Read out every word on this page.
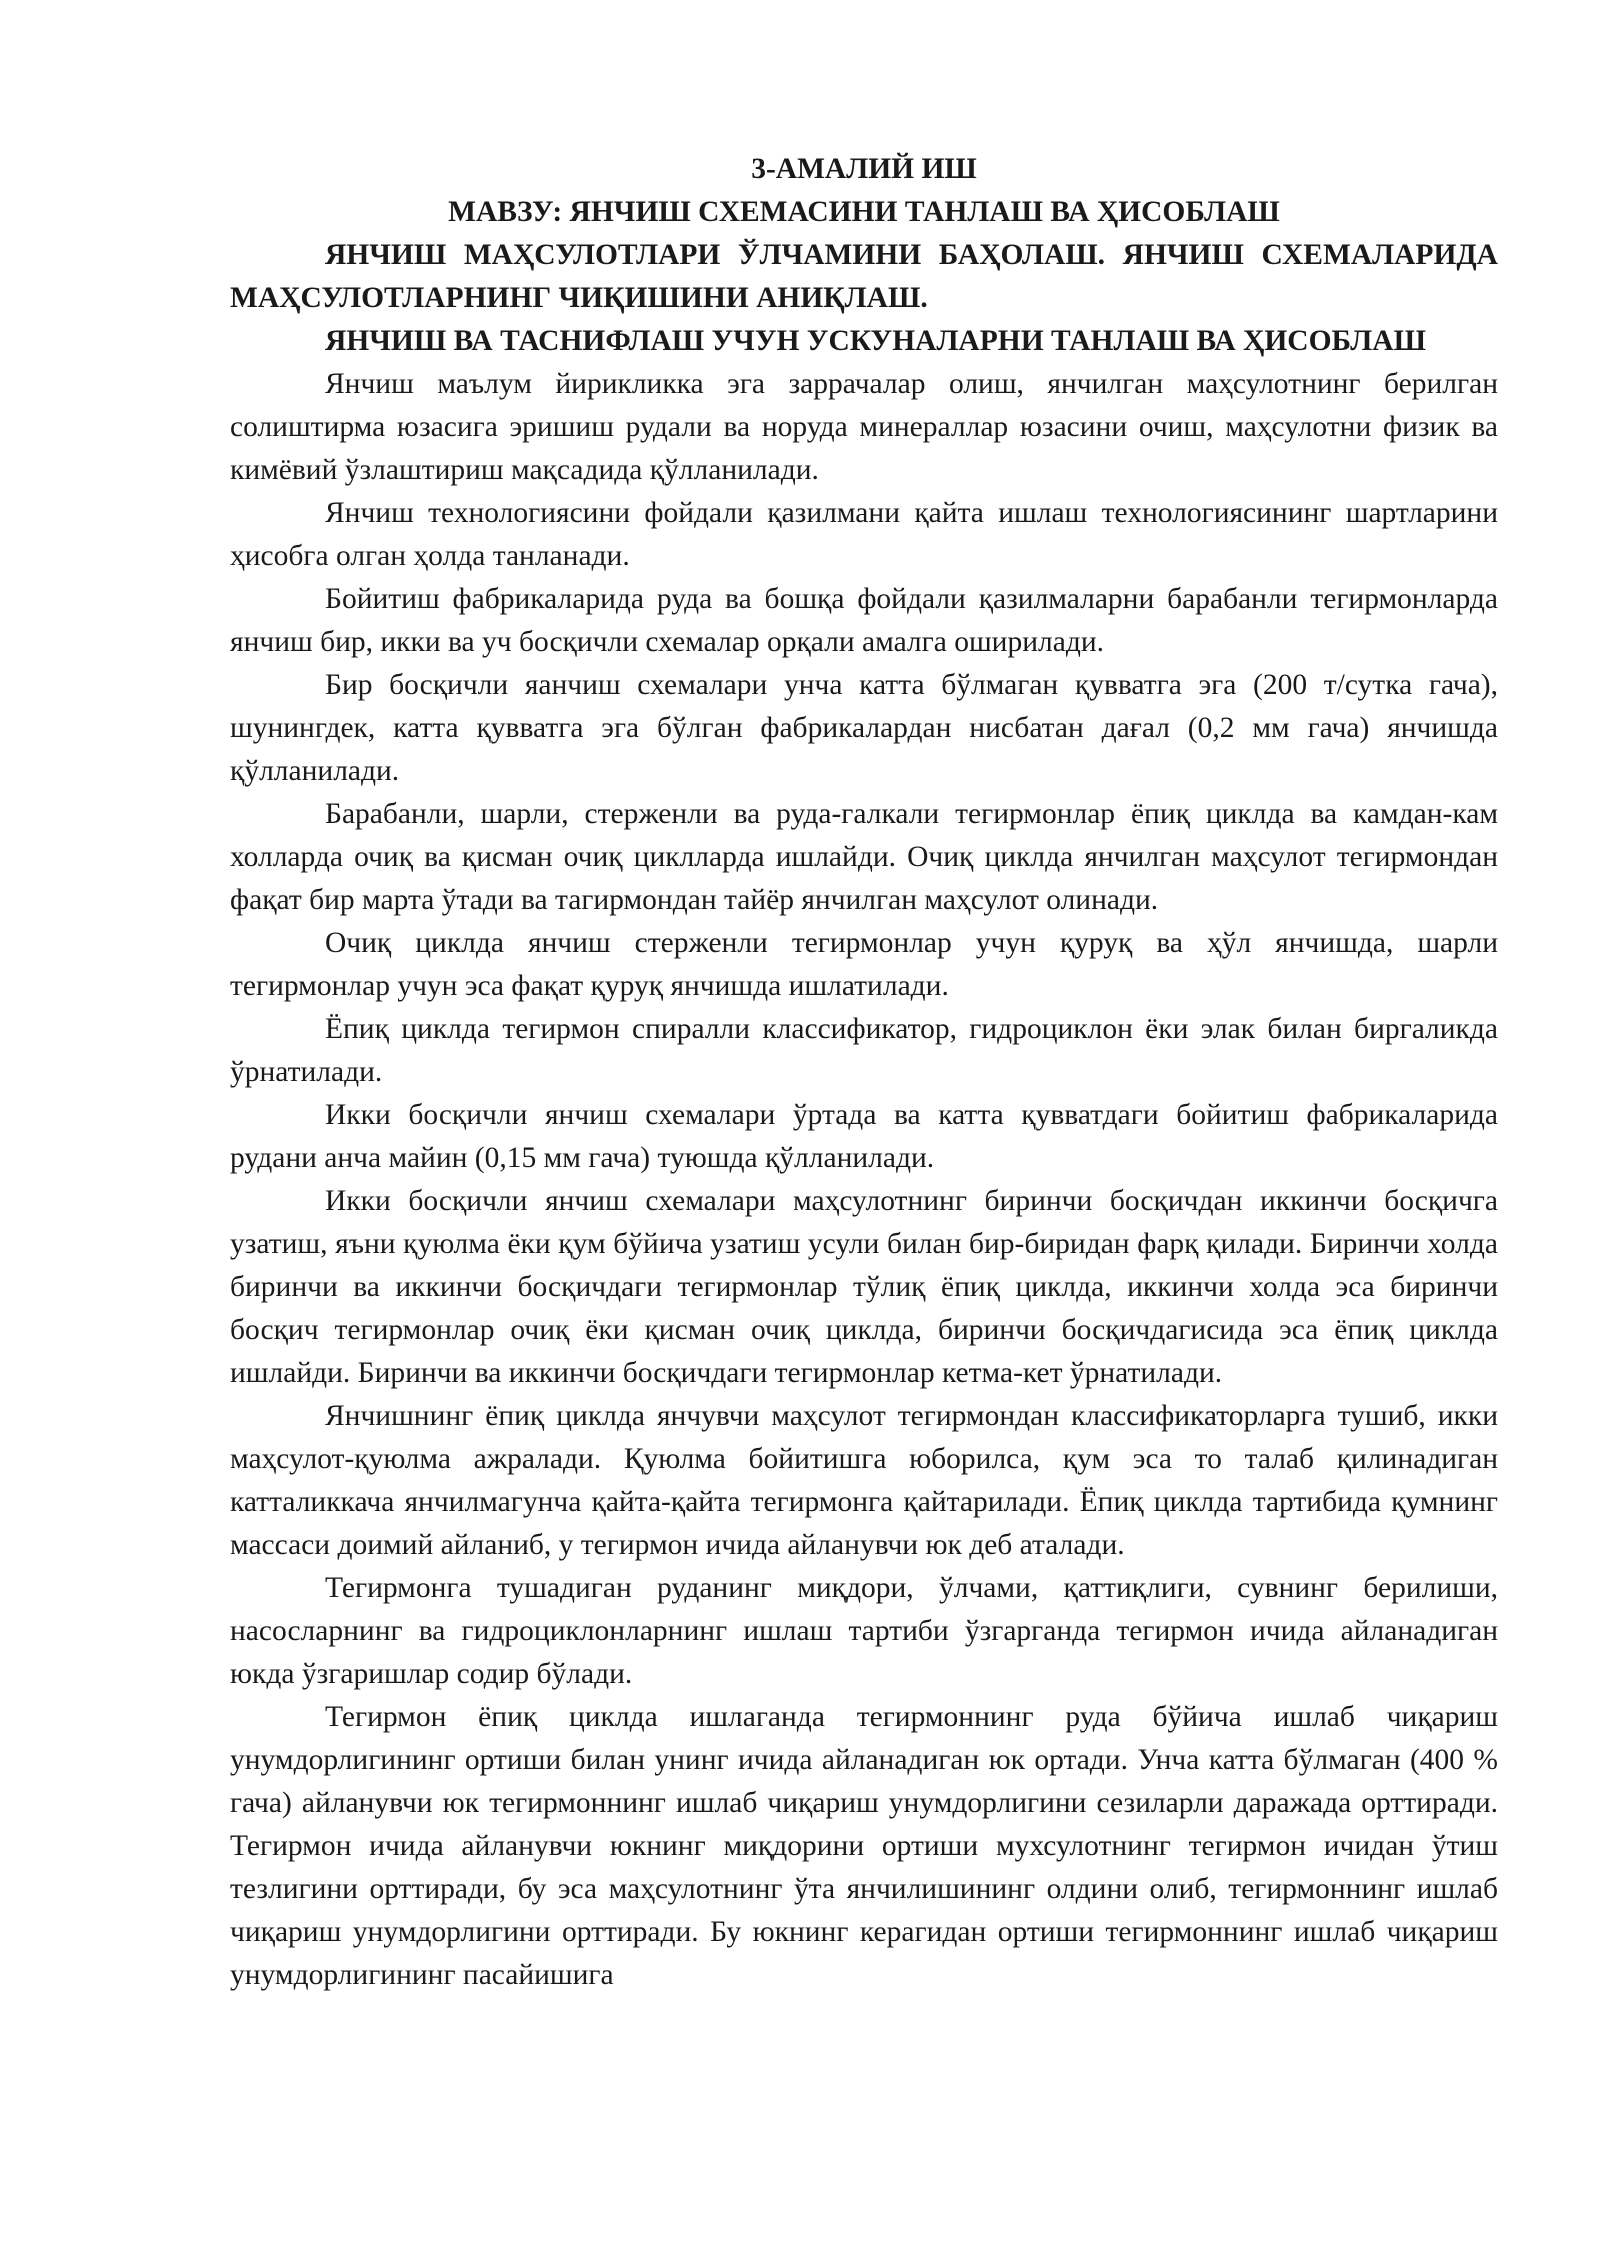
3-АМАЛИЙ ИШ

МАВЗУ: ЯНЧИШ СХЕМАСИНИ ТАНЛАШ ВА ҲИСОБЛАШ

ЯНЧИШ МАҲСУЛОТЛАРИ ЎЛЧАМИНИ БАҲОЛАШ. ЯНЧИШ СХЕМАЛАРИДА МАҲСУЛОТЛАРНИНГ ЧИҚИШИНИ АНИҚЛАШ.

ЯНЧИШ ВА ТАСНИФЛАШ УЧУН УСКУНАЛАРНИ ТАНЛАШ ВА ҲИСОБЛАШ

Янчиш маълум йирикликка эга заррачалар олиш, янчилган маҳсулотнинг берилган солиштирма юзасига эришиш рудали ва норуда минераллар юзасини очиш, маҳсулотни физик ва кимёвий ўзлаштириш мақсадида қўлланилади.

Янчиш технологиясини фойдали қазилмани қайта ишлаш технологиясининг шартларини ҳисобга олган ҳолда танланади.

Бойитиш фабрикаларида руда ва бошқа фойдали қазилмаларни барабанли тегирмонларда янчиш бир, икки ва уч босқичли схемалар орқали амалга оширилади.

Бир босқичли яанчиш схемалари унча катта бўлмаган қувватга эга (200 т/сутка гача), шунингдек, катта қувватга эга бўлган фабрикалардан нисбатан дағал (0,2 мм гача) янчишда қўлланилади.

Барабанли, шарли, стерженли ва руда-галкали тегирмонлар ёпиқ циклда ва камдан-кам холларда очиқ ва қисман очиқ циклларда ишлайди. Очиқ циклда янчилган маҳсулот тегирмондан фақат бир марта ўтади ва тагирмондан тайёр янчилган маҳсулот олинади.

Очиқ циклда янчиш стерженли тегирмонлар учун қуруқ ва ҳўл янчишда, шарли тегирмонлар учун эса фақат қуруқ янчишда ишлатилади.

Ёпиқ циклда тегирмон спиралли классификатор, гидроциклон ёки элак билан биргаликда ўрнатилади.

Икки босқичли янчиш схемалари ўртада ва катта қувватдаги бойитиш фабрикаларида рудани анча майин (0,15 мм гача) туюшда қўлланилади.

Икки босқичли янчиш схемалари маҳсулотнинг биринчи босқичдан иккинчи босқичга узатиш, яъни қуюлма ёки қум бўйича узатиш усули билан бир-биридан фарқ қилади. Биринчи холда биринчи ва иккинчи босқичдаги тегирмонлар тўлиқ ёпиқ циклда, иккинчи холда эса биринчи босқич тегирмонлар очиқ ёки қисман очиқ циклда, биринчи босқичдагисида эса ёпиқ циклда ишлайди. Биринчи ва иккинчи босқичдаги тегирмонлар кетма-кет ўрнатилади.

Янчишнинг ёпиқ циклда янчувчи маҳсулот тегирмондан классификаторларга тушиб, икки маҳсулот-қуюлма ажралади. Қуюлма бойитишга юборилса, қум эса то талаб қилинадиган катталиккача янчилмагунча қайта-қайта тегирмонга қайтарилади. Ёпиқ циклда тартибида қумнинг массаси доимий айланиб, у тегирмон ичида айланувчи юк деб аталади.

Тегирмонга тушадиган руданинг миқдори, ўлчами, қаттиқлиги, сувнинг берилиши, насосларнинг ва гидроциклонларнинг ишлаш тартиби ўзгарганда тегирмон ичида айланадиган юкда ўзгаришлар содир бўлади.

Тегирмон ёпиқ циклда ишлаганда тегирмоннинг руда бўйича ишлаб чиқариш унумдорлигининг ортиши билан унинг ичида айланадиган юк ортади. Унча катта бўлмаган (400 % гача) айланувчи юк тегирмоннинг ишлаб чиқариш унумдорлигини сезиларли даражада орттиради. Тегирмон ичида айланувчи юкнинг миқдорини ортиши мухсулотнинг тегирмон ичидан ўтиш тезлигини орттиради, бу эса маҳсулотнинг ўта янчилишининг олдини олиб, тегирмоннинг ишлаб чиқариш унумдорлигини орттиради. Бу юкнинг керагидан ортиши тегирмоннинг ишлаб чиқариш унумдорлигининг пасайишига
